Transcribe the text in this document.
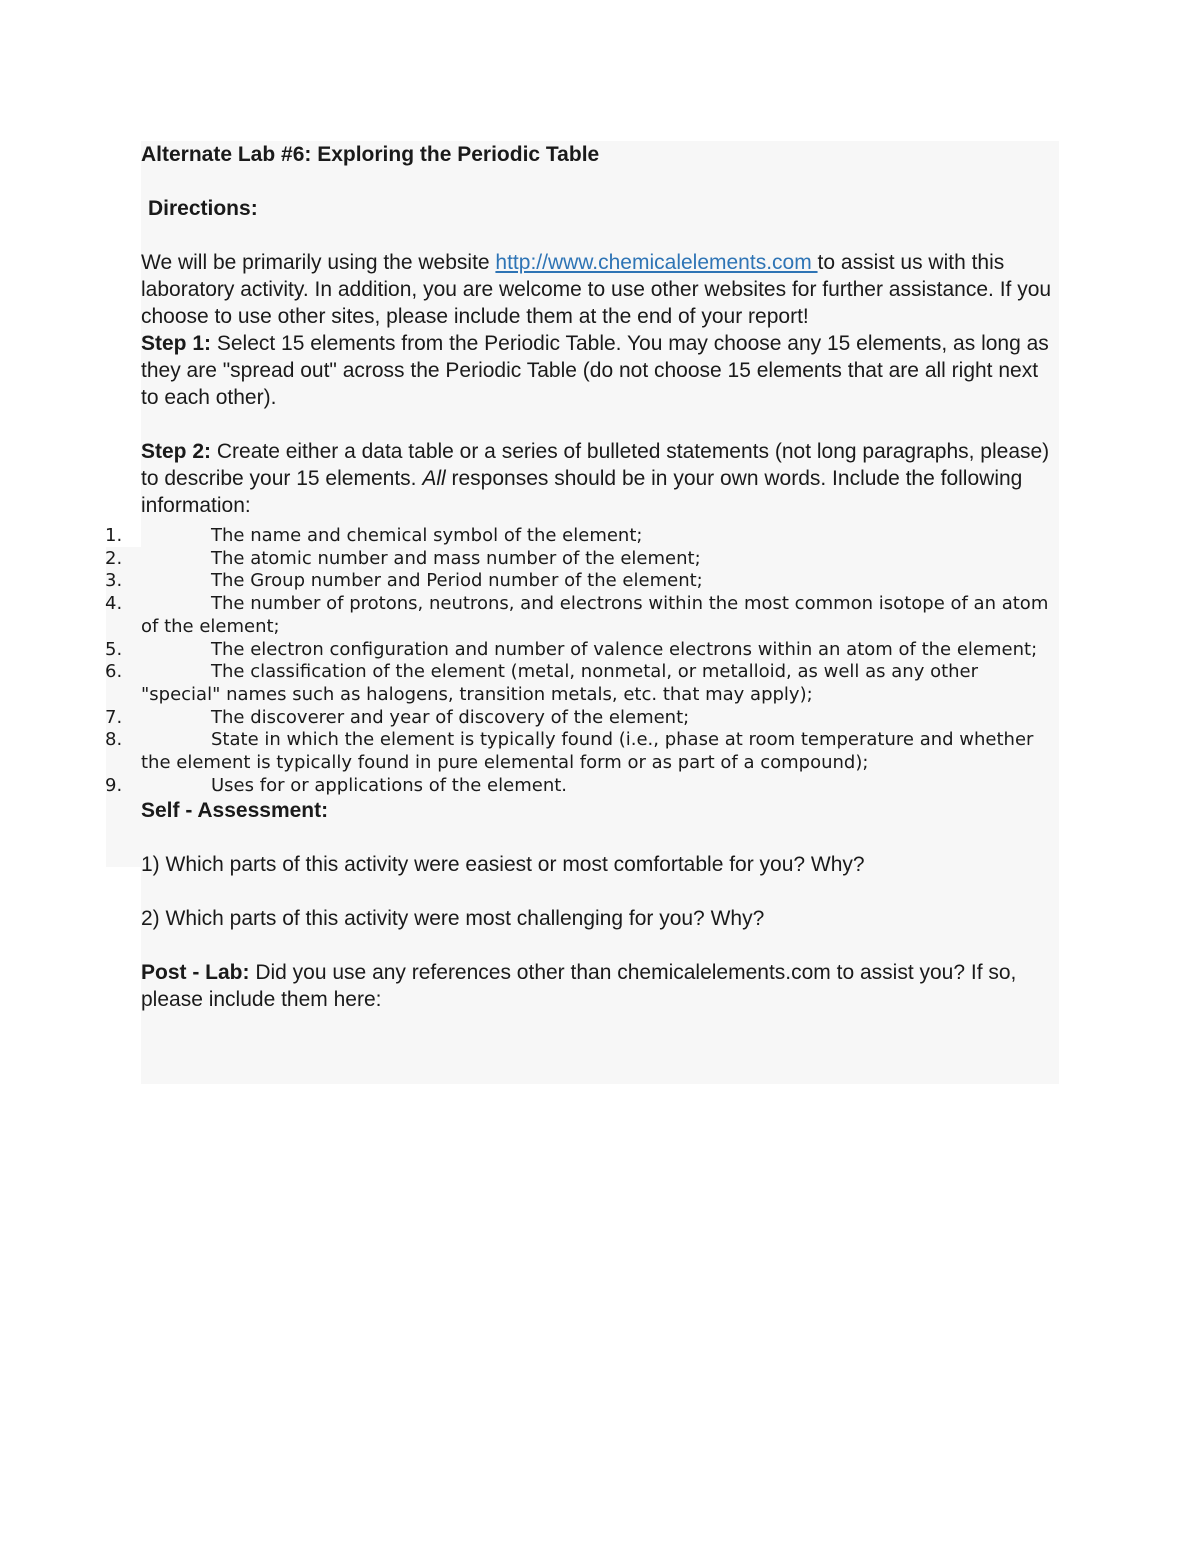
Alternate Lab #6: Exploring the Periodic Table

Directions:

We will be primarily using the website http://www.chemicalelements.com to assist us with this laboratory activity. In addition, you are welcome to use other websites for further assistance. If you choose to use other sites, please include them at the end of your report!

Step 1: Select 15 elements from the Periodic Table. You may choose any 15 elements, as long as they are "spread out" across the Periodic Table (do not choose 15 elements that are all right next to each other).

Step 2: Create either a data table or a series of bulleted statements (not long paragraphs, please) to describe your 15 elements. All responses should be in your own words. Include the following information:

1.	The name and chemical symbol of the element;
2.	The atomic number and mass number of the element;
3.	The Group number and Period number of the element;
4.	The number of protons, neutrons, and electrons within the most common isotope of an atom of the element;
5.	The electron configuration and number of valence electrons within an atom of the element;
6.	The classification of the element (metal, nonmetal, or metalloid, as well as any other "special" names such as halogens, transition metals, etc. that may apply);
7.	The discoverer and year of discovery of the element;
8.	State in which the element is typically found (i.e., phase at room temperature and whether the element is typically found in pure elemental form or as part of a compound);
9.	Uses for or applications of the element.

Self - Assessment:

1) Which parts of this activity were easiest or most comfortable for you? Why?

2) Which parts of this activity were most challenging for you? Why?

Post - Lab: Did you use any references other than chemicalelements.com to assist you? If so, please include them here:
